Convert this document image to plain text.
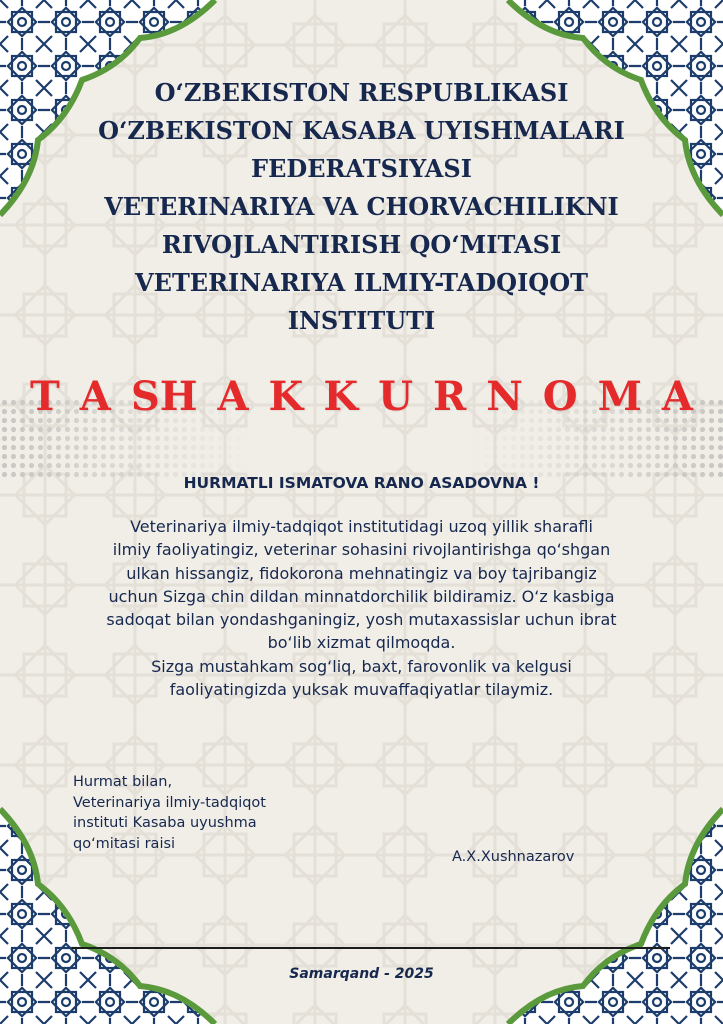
O‘ZBEKISTON RESPUBLIKASI
O‘ZBEKISTON KASABA UYISHMALARI
FEDERATSIYASI
VETERINARIYA VA CHORVACHILIKNI
RIVOJLANTIRISH QO‘MITASI
VETERINARIYA ILMIY-TADQIQOT
INSTITUTI
T A SH A K K U R N O M A

HURMATLI ISMATOVA RANO ASADOVNA !

Veterinariya ilmiy-tadqiqot institutidagi uzoq yillik sharafli
ilmiy faoliyatingiz, veterinar sohasini rivojlantirishga qo‘shgan
ulkan hissangiz, fidokorona mehnatingiz va boy tajribangiz
uchun Sizga chin dildan minnatdorchilik bildiramiz. O‘z kasbiga
sadoqat bilan yondashganingiz, yosh mutaxassislar uchun ibrat
bo‘lib xizmat qilmoqda.
Sizga mustahkam sog‘liq, baxt, farovonlik va kelgusi
faoliyatingizda yuksak muvaffaqiyatlar tilaymiz.

Hurmat bilan,
Veterinariya ilmiy-tadqiqot
instituti Kasaba uyushma
qo‘mitasi raisi

A.X.Xushnazarov

Samarqand - 2025
